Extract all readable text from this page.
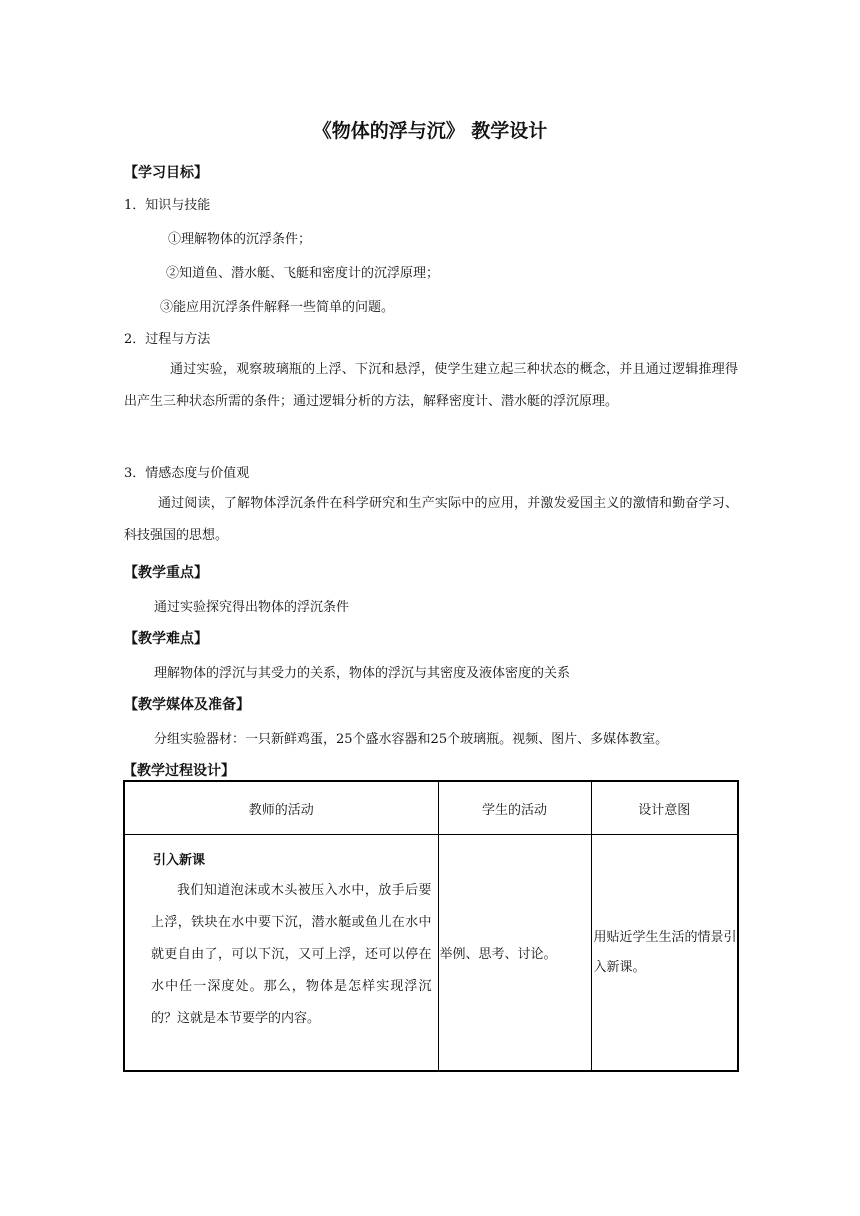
《物体的浮与沉》 教学设计
【学习目标】
1．知识与技能
①理解物体的沉浮条件；
②知道鱼、潜水艇、飞艇和密度计的沉浮原理；
③能应用沉浮条件解释一些简单的问题。
2．过程与方法
通过实验，观察玻璃瓶的上浮、下沉和悬浮，使学生建立起三种状态的概念，并且通过逻辑推理得出产生三种状态所需的条件；通过逻辑分析的方法，解释密度计、潜水艇的浮沉原理。
3．情感态度与价值观
通过阅读，了解物体浮沉条件在科学研究和生产实际中的应用，并激发爱国主义的激情和勤奋学习、科技强国的思想。
【教学重点】
通过实验探究得出物体的浮沉条件
【教学难点】
理解物体的浮沉与其受力的关系，物体的浮沉与其密度及液体密度的关系
【教学媒体及准备】
分组实验器材：一只新鲜鸡蛋，25个盛水容器和25个玻璃瓶。视频、图片、多媒体教室。
【教学过程设计】
教师的活动	学生的活动	设计意图

引入新课
我们知道泡沫或木头被压入水中，放手后要上浮，铁块在水中要下沉，潜水艇或鱼儿在水中就更自由了，可以下沉，又可上浮，还可以停在水中任一深度处。那么，物体是怎样实现浮沉的？这就是本节要学的内容。	举例、思考、讨论。	用贴近学生生活的情景引入新课。
